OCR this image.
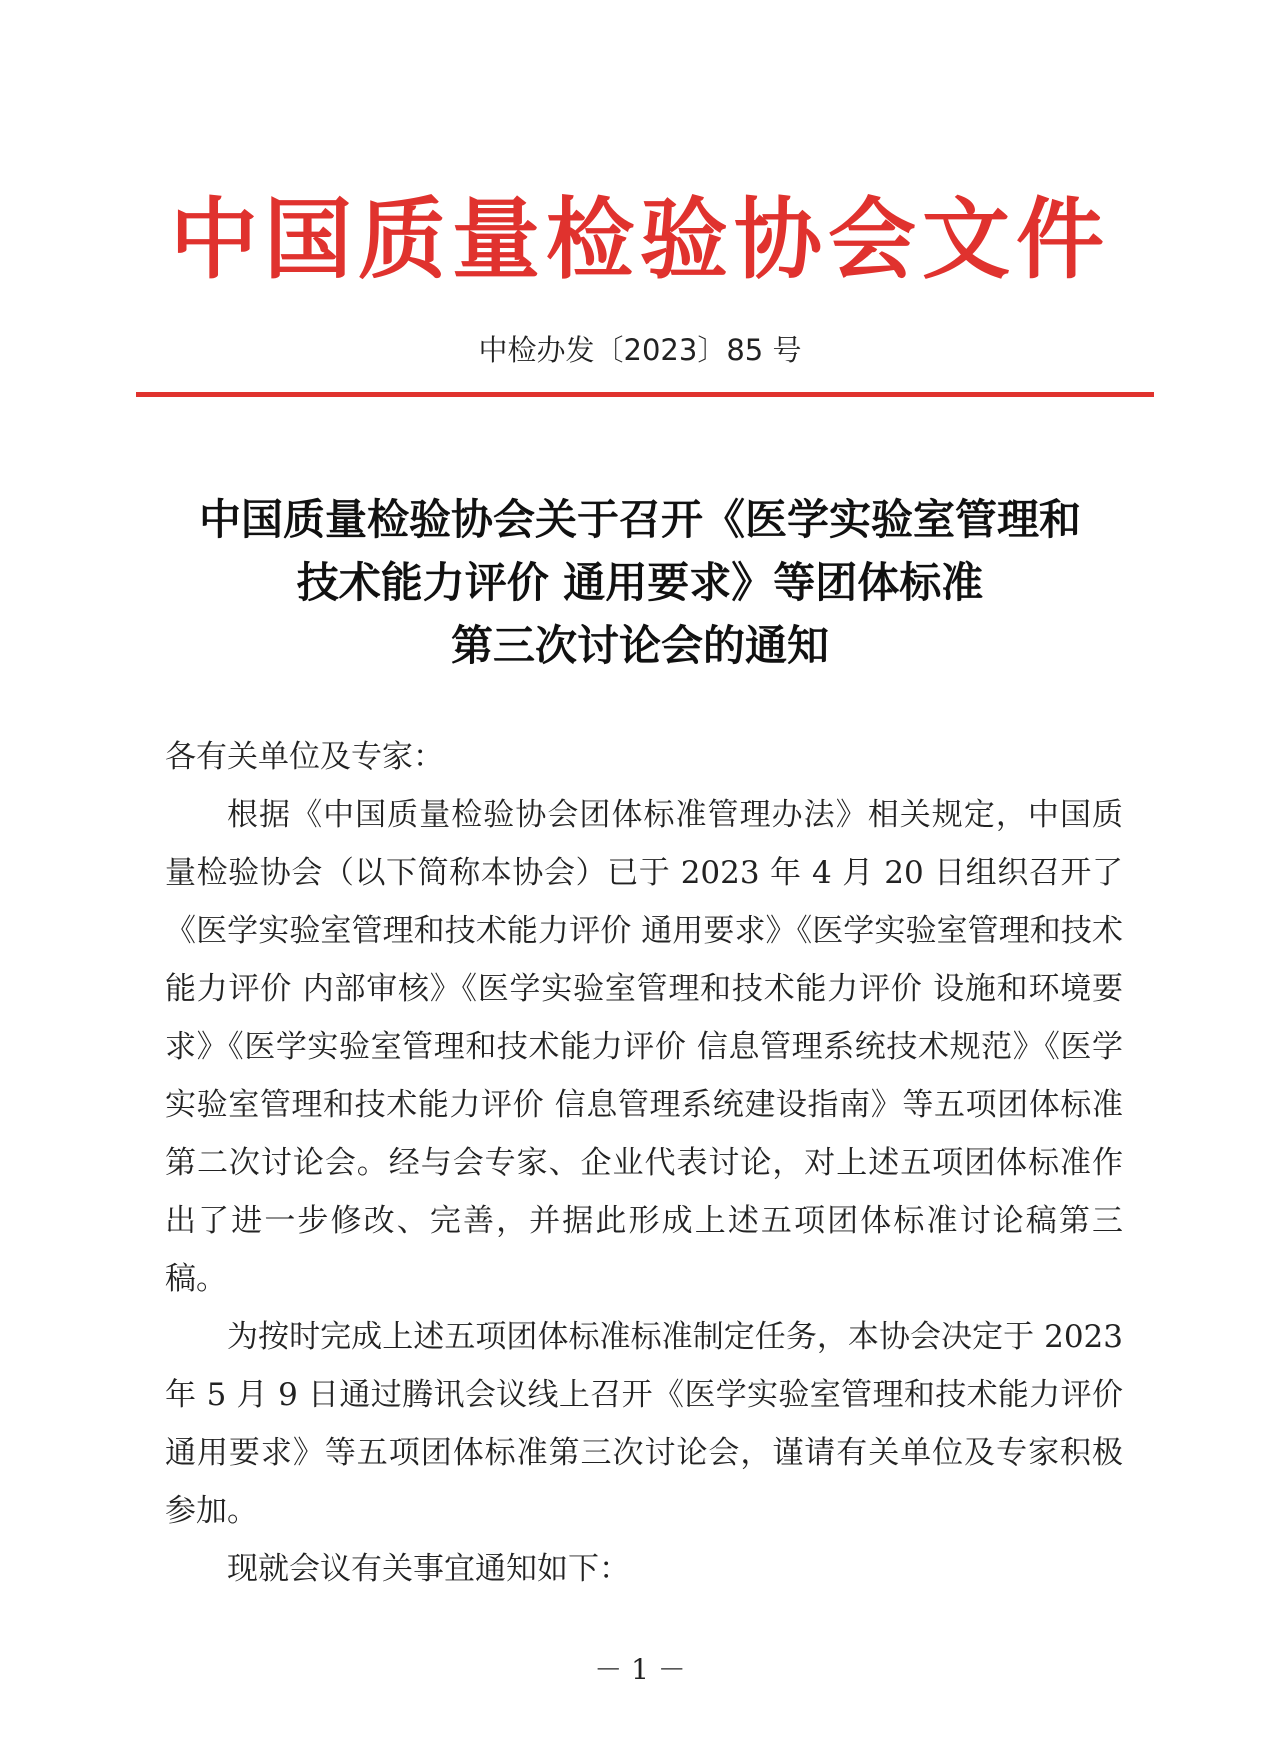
中国质量检验协会文件
中检办发〔2023〕85 号
中国质量检验协会关于召开《医学实验室管理和
技术能力评价 通用要求》等团体标准
第三次讨论会的通知

各有关单位及专家：

根据《中国质量检验协会团体标准管理办法》相关规定，中国质量检验协会（以下简称本协会）已于 2023 年 4 月 20 日组织召开了《医学实验室管理和技术能力评价 通用要求》《医学实验室管理和技术能力评价 内部审核》《医学实验室管理和技术能力评价 设施和环境要求》《医学实验室管理和技术能力评价 信息管理系统技术规范》《医学实验室管理和技术能力评价 信息管理系统建设指南》等五项团体标准第二次讨论会。经与会专家、企业代表讨论，对上述五项团体标准作出了进一步修改、完善，并据此形成上述五项团体标准讨论稿第三稿。

为按时完成上述五项团体标准标准制定任务，本协会决定于 2023 年 5 月 9 日通过腾讯会议线上召开《医学实验室管理和技术能力评价 通用要求》等五项团体标准第三次讨论会，谨请有关单位及专家积极参加。

现就会议有关事宜通知如下：

－ 1 －
